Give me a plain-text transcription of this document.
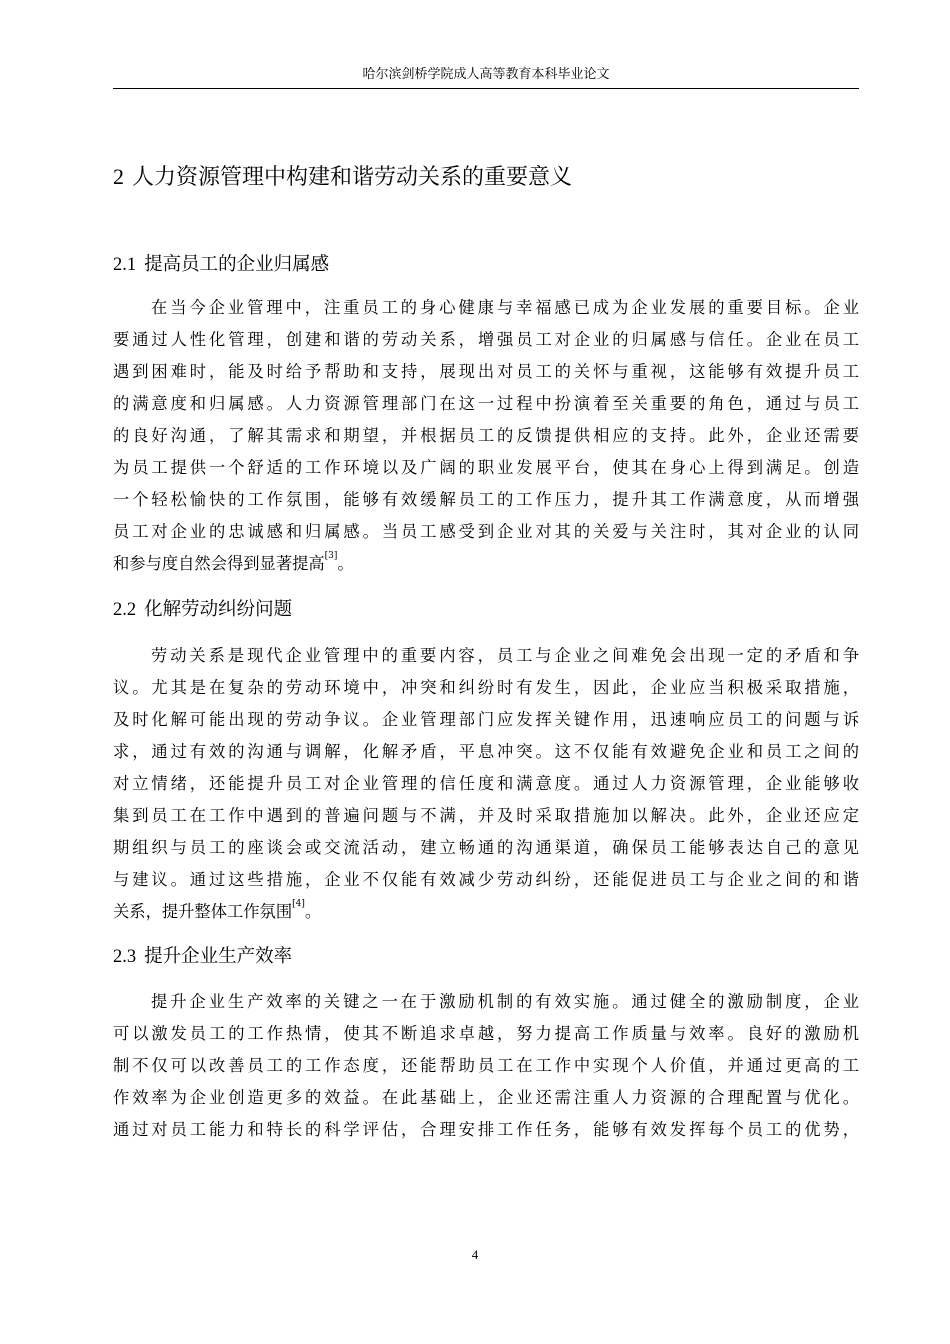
哈尔滨剑桥学院成人高等教育本科毕业论文
2 人力资源管理中构建和谐劳动关系的重要意义
2.1 提高员工的企业归属感
在当今企业管理中，注重员工的身心健康与幸福感已成为企业发展的重要目标。企业
要通过人性化管理，创建和谐的劳动关系，增强员工对企业的归属感与信任。企业在员工
遇到困难时，能及时给予帮助和支持，展现出对员工的关怀与重视，这能够有效提升员工
的满意度和归属感。人力资源管理部门在这一过程中扮演着至关重要的角色，通过与员工
的良好沟通，了解其需求和期望，并根据员工的反馈提供相应的支持。此外，企业还需要
为员工提供一个舒适的工作环境以及广阔的职业发展平台，使其在身心上得到满足。创造
一个轻松愉快的工作氛围，能够有效缓解员工的工作压力，提升其工作满意度，从而增强
员工对企业的忠诚感和归属感。当员工感受到企业对其的关爱与关注时，其对企业的认同
和参与度自然会得到显著提高[3]。
2.2 化解劳动纠纷问题
劳动关系是现代企业管理中的重要内容，员工与企业之间难免会出现一定的矛盾和争
议。尤其是在复杂的劳动环境中，冲突和纠纷时有发生，因此，企业应当积极采取措施，
及时化解可能出现的劳动争议。企业管理部门应发挥关键作用，迅速响应员工的问题与诉
求，通过有效的沟通与调解，化解矛盾，平息冲突。这不仅能有效避免企业和员工之间的
对立情绪，还能提升员工对企业管理的信任度和满意度。通过人力资源管理，企业能够收
集到员工在工作中遇到的普遍问题与不满，并及时采取措施加以解决。此外，企业还应定
期组织与员工的座谈会或交流活动，建立畅通的沟通渠道，确保员工能够表达自己的意见
与建议。通过这些措施，企业不仅能有效减少劳动纠纷，还能促进员工与企业之间的和谐
关系，提升整体工作氛围[4]。
2.3 提升企业生产效率
提升企业生产效率的关键之一在于激励机制的有效实施。通过健全的激励制度，企业
可以激发员工的工作热情，使其不断追求卓越，努力提高工作质量与效率。良好的激励机
制不仅可以改善员工的工作态度，还能帮助员工在工作中实现个人价值，并通过更高的工
作效率为企业创造更多的效益。在此基础上，企业还需注重人力资源的合理配置与优化。
通过对员工能力和特长的科学评估，合理安排工作任务，能够有效发挥每个员工的优势，
4
